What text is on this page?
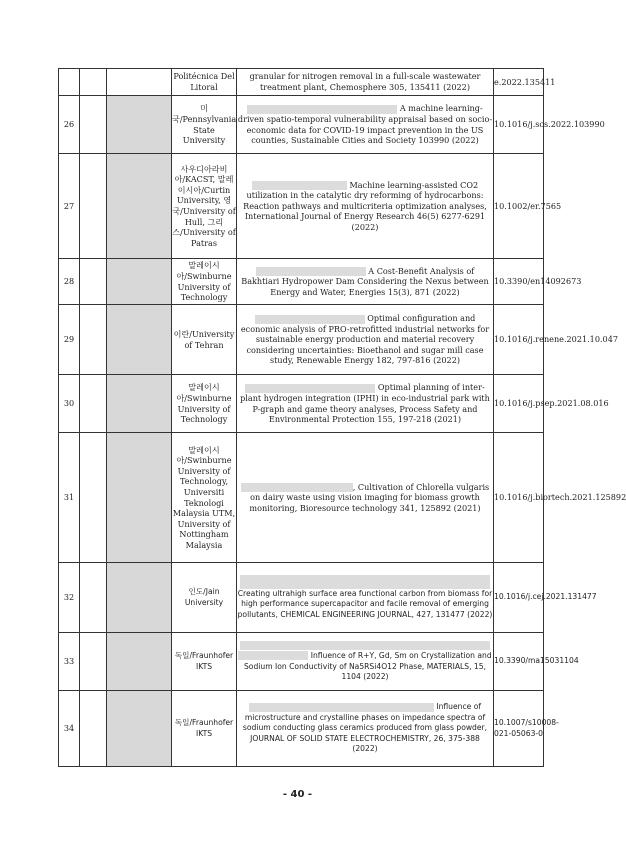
			Politécnica Del Litoral	granular for nitrogen removal in a full-scale wastewater treatment plant, Chemosphere 305, 135411 (2022)	e.2022.135411
26			미국/Pennsylvania State University	A machine learning-driven spatio-temporal vulnerability appraisal based on socio-economic data for COVID-19 impact prevention in the US counties, Sustainable Cities and Society 103990 (2022)	10.1016/j.scs.2022.103990
27			사우디아라비아/KACST, 말레이시아/Curtin University, 영국/University of Hull, 그리스/University of Patras	Machine learning-assisted CO2 utilization in the catalytic dry reforming of hydrocarbons: Reaction pathways and multicriteria optimization analyses, International Journal of Energy Research 46(5) 6277-6291 (2022)	10.1002/er.7565
28			말레이시아/Swinburne University of Technology	A Cost-Benefit Analysis of Bakhtiari Hydropower Dam Considering the Nexus between Energy and Water, Energies 15(3), 871 (2022)	10.3390/en14092673
29			이란/University of Tehran	Optimal configuration and economic analysis of PRO-retrofitted industrial networks for sustainable energy production and material recovery considering uncertainties: Bioethanol and sugar mill case study, Renewable Energy 182, 797-816 (2022)	10.1016/j.renene.2021.10.047
30			말레이시아/Swinburne University of Technology	Optimal planning of inter-plant hydrogen integration (IPHI) in eco-industrial park with P-graph and game theory analyses, Process Safety and Environmental Protection 155, 197-218 (2021)	10.1016/j.psep.2021.08.016
31			말레이시아/Swinburne University of Technology, Universiti Teknologi Malaysia UTM, University of Nottingham Malaysia	, Cultivation of Chlorella vulgaris on dairy waste using vision imaging for biomass growth monitoring, Bioresource technology 341, 125892 (2021)	10.1016/j.biortech.2021.125892
32			인도/Jain University	Creating ultrahigh surface area functional carbon from biomass for high performance supercapacitor and facile removal of emerging pollutants, CHEMICAL ENGINEERING JOURNAL, 427, 131477 (2022)	10.1016/j.cej.2021.131477
33			독일/Fraunhofer IKTS	Influence of R+Y, Gd, Sm on Crystallization and Sodium Ion Conductivity of Na5RSi4O12 Phase, MATERIALS, 15, 1104 (2022)	10.3390/ma15031104
34			독일/Fraunhofer IKTS	Influence of microstructure and crystalline phases on impedance spectra of sodium conducting glass ceramics produced from glass powder, JOURNAL OF SOLID STATE ELECTROCHEMISTRY, 26, 375-388 (2022)	10.1007/s10008-021-05063-0
- 40 -
